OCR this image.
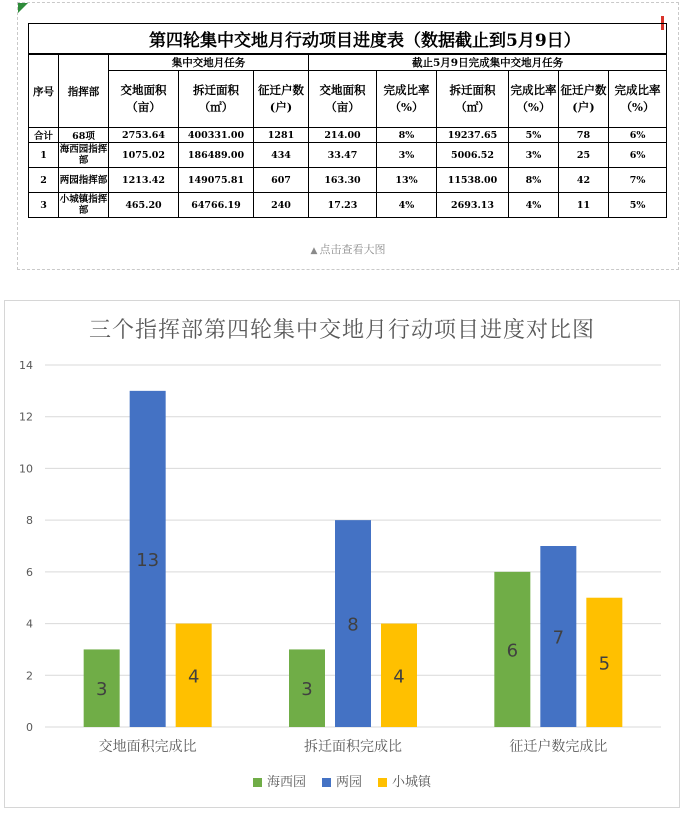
第四轮集中交地月行动项目进度表（数据截止到5月9日）										
序号	指挥部	集中交地月任务			截止5月9日完成集中交地月任务					
		交地面积（亩）	拆迁面积（㎡）	征迁户数(户)	交地面积（亩）	完成比率（%）	拆迁面积（㎡）	完成比率（%）	征迁户数(户)	完成比率（%）
合计	68项	2753.64	400331.00	1281	214.00	8%	19237.65	5%	78	6%
1	海西园指挥部	1075.02	186489.00	434	33.47	3%	5006.52	3%	25	6%
2	两园指挥部	1213.42	149075.81	607	163.30	13%	11538.00	8%	42	7%
3	小城镇指挥部	465.20	64766.19	240	17.23	4%	2693.13	4%	11	5%
▲ 点击查看大图
三个指挥部第四轮集中交地月行动项目进度对比图
0
2
4
6
8
10
12
14
3
13
4
交地面积完成比
3
8
4
拆迁面积完成比
6
7
5
征迁户数完成比
海西园 两园 小城镇
